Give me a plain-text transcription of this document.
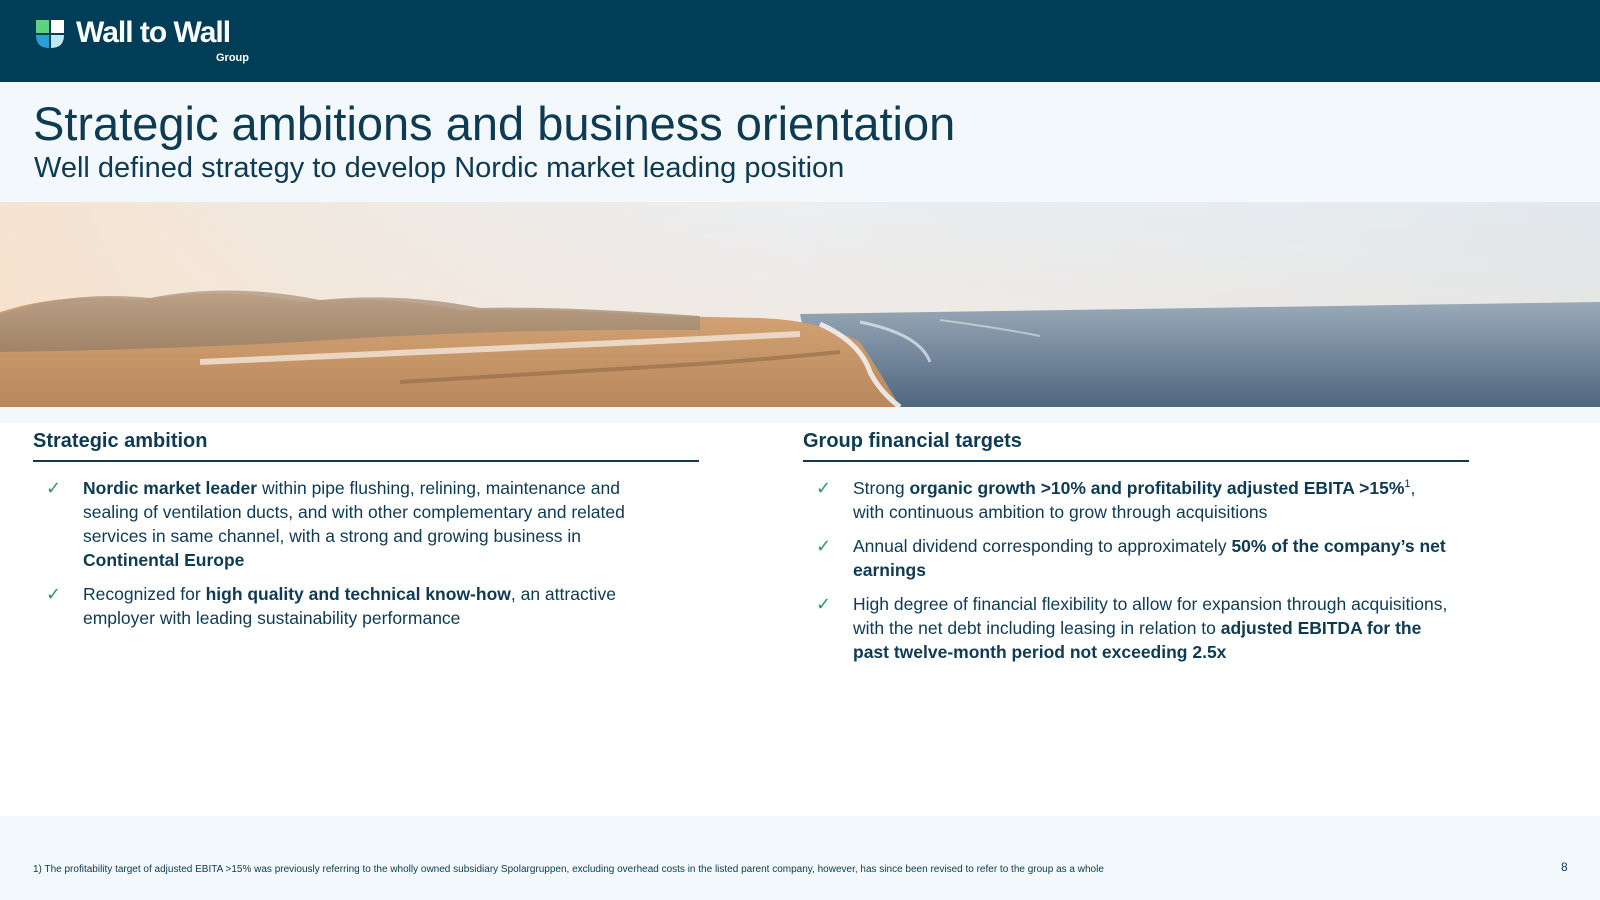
Wall to Wall
Group
Strategic ambitions and business orientation
Well defined strategy to develop Nordic market leading position
Strategic ambition
✓ Nordic market leader within pipe flushing, relining, maintenance and sealing of ventilation ducts, and with other complementary and related services in same channel, with a strong and growing business in Continental Europe
✓ Recognized for high quality and technical know-how, an attractive employer with leading sustainability performance
Group financial targets
✓ Strong organic growth >10% and profitability adjusted EBITA >15%$^1$, with continuous ambition to grow through acquisitions
✓ Annual dividend corresponding to approximately 50% of the company’s net earnings
✓ High degree of financial flexibility to allow for expansion through acquisitions, with the net debt including leasing in relation to adjusted EBITDA for the past twelve-month period not exceeding 2.5x
1) The profitability target of adjusted EBITA >15% was previously referring to the wholly owned subsidiary Spolargruppen, excluding overhead costs in the listed parent company, however, has since been revised to refer to the group as a whole	8
